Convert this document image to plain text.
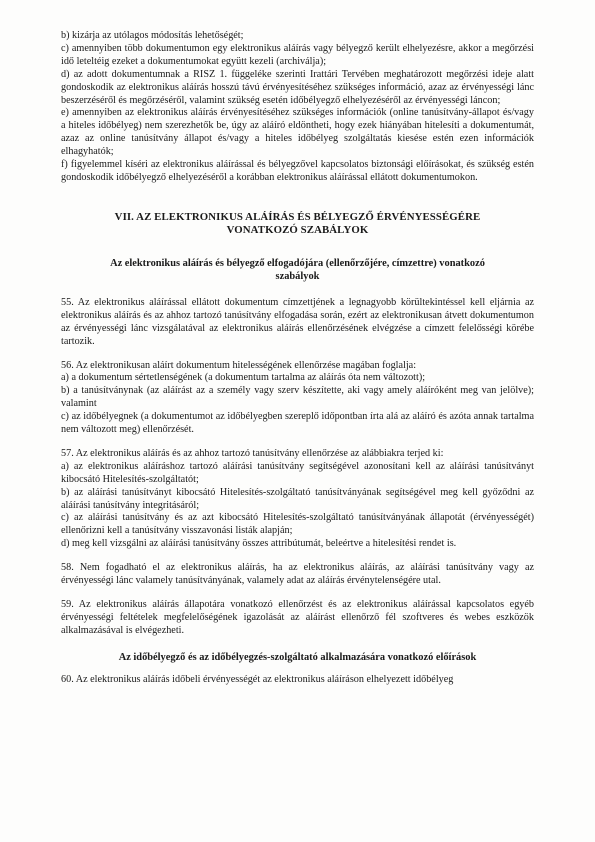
b) kizárja az utólagos módosítás lehetőségét;

c) amennyiben több dokumentumon egy elektronikus aláírás vagy bélyegző került elhelyezésre, akkor a megőrzési idő leteltéig ezeket a dokumentumokat együtt kezeli (archiválja);

d) az adott dokumentumnak a RISZ 1. függeléke szerinti Irattári Tervében meghatározott megőrzési ideje alatt gondoskodik az elektronikus aláírás hosszú távú érvényesítéséhez szükséges információ, azaz az érvényességi lánc beszerzéséről és megőrzéséről, valamint szükség esetén időbélyegző elhelyezéséről az érvényességi láncon;

e) amennyiben az elektronikus aláírás érvényesítéséhez szükséges információk (online tanúsítvány-állapot és/vagy a hiteles időbélyeg) nem szerezhetők be, úgy az aláíró eldöntheti, hogy ezek hiányában hitelesíti a dokumentumát, azaz az online tanúsítvány állapot és/vagy a hiteles időbélyeg szolgáltatás kiesése estén ezen információk elhagyhatók;

f) figyelemmel kíséri az elektronikus aláírással és bélyegzővel kapcsolatos biztonsági előírásokat, és szükség estén gondoskodik időbélyegző elhelyezéséről a korábban elektronikus aláírással ellátott dokumentumokon.

VII. AZ ELEKTRONIKUS ALÁÍRÁS ÉS BÉLYEGZŐ ÉRVÉNYESSÉGÉRE
VONATKOZÓ SZABÁLYOK
Az elektronikus aláírás és bélyegző elfogadójára (ellenőrzőjére, címzettre) vonatkozó szabályok

55. Az elektronikus aláírással ellátott dokumentum címzettjének a legnagyobb körültekintéssel kell eljárnia az elektronikus aláírás és az ahhoz tartozó tanúsítvány elfogadása során, ezért az elektronikusan átvett dokumentumon az érvényességi lánc vizsgálatával az elektronikus aláírás ellenőrzésének elvégzése a címzett felelősségi körébe tartozik.

56. Az elektronikusan aláírt dokumentum hitelességének ellenőrzése magában foglalja:

a) a dokumentum sértetlenségének (a dokumentum tartalma az aláírás óta nem változott);

b) a tanúsítványnak (az aláírást az a személy vagy szerv készítette, aki vagy amely aláíróként meg van jelölve); valamint

c) az időbélyegnek (a dokumentumot az időbélyegben szereplő időpontban írta alá az aláíró és azóta annak tartalma nem változott meg) ellenőrzését.

57. Az elektronikus aláírás és az ahhoz tartozó tanúsítvány ellenőrzése az alábbiakra terjed ki:

a) az elektronikus aláíráshoz tartozó aláírási tanúsítvány segítségével azonosítani kell az aláírási tanúsítványt kibocsátó Hitelesítés-szolgáltatót;

b) az aláírási tanúsítványt kibocsátó Hitelesítés-szolgáltató tanúsítványának segítségével meg kell győződni az aláírási tanúsítvány integritásáról;

c) az aláírási tanúsítvány és az azt kibocsátó Hitelesítés-szolgáltató tanúsítványának állapotát (érvényességét) ellenőrizni kell a tanúsítvány visszavonási listák alapján;

d) meg kell vizsgálni az aláírási tanúsítvány összes attribútumát, beleértve a hitelesítési rendet is.

58. Nem fogadható el az elektronikus aláírás, ha az elektronikus aláírás, az aláírási tanúsítvány vagy az érvényességi lánc valamely tanúsítványának, valamely adat az aláírás érvénytelenségére utal.

59. Az elektronikus aláírás állapotára vonatkozó ellenőrzést és az elektronikus aláírással kapcsolatos egyéb érvényességi feltételek megfelelőségének igazolását az aláírást ellenőrző fél szoftveres és webes eszközök alkalmazásával is elvégezheti.

Az időbélyegző és az időbélyegzés-szolgáltató alkalmazására vonatkozó előírások

60. Az elektronikus aláírás időbeli érvényességét az elektronikus aláíráson elhelyezett időbélyeg
